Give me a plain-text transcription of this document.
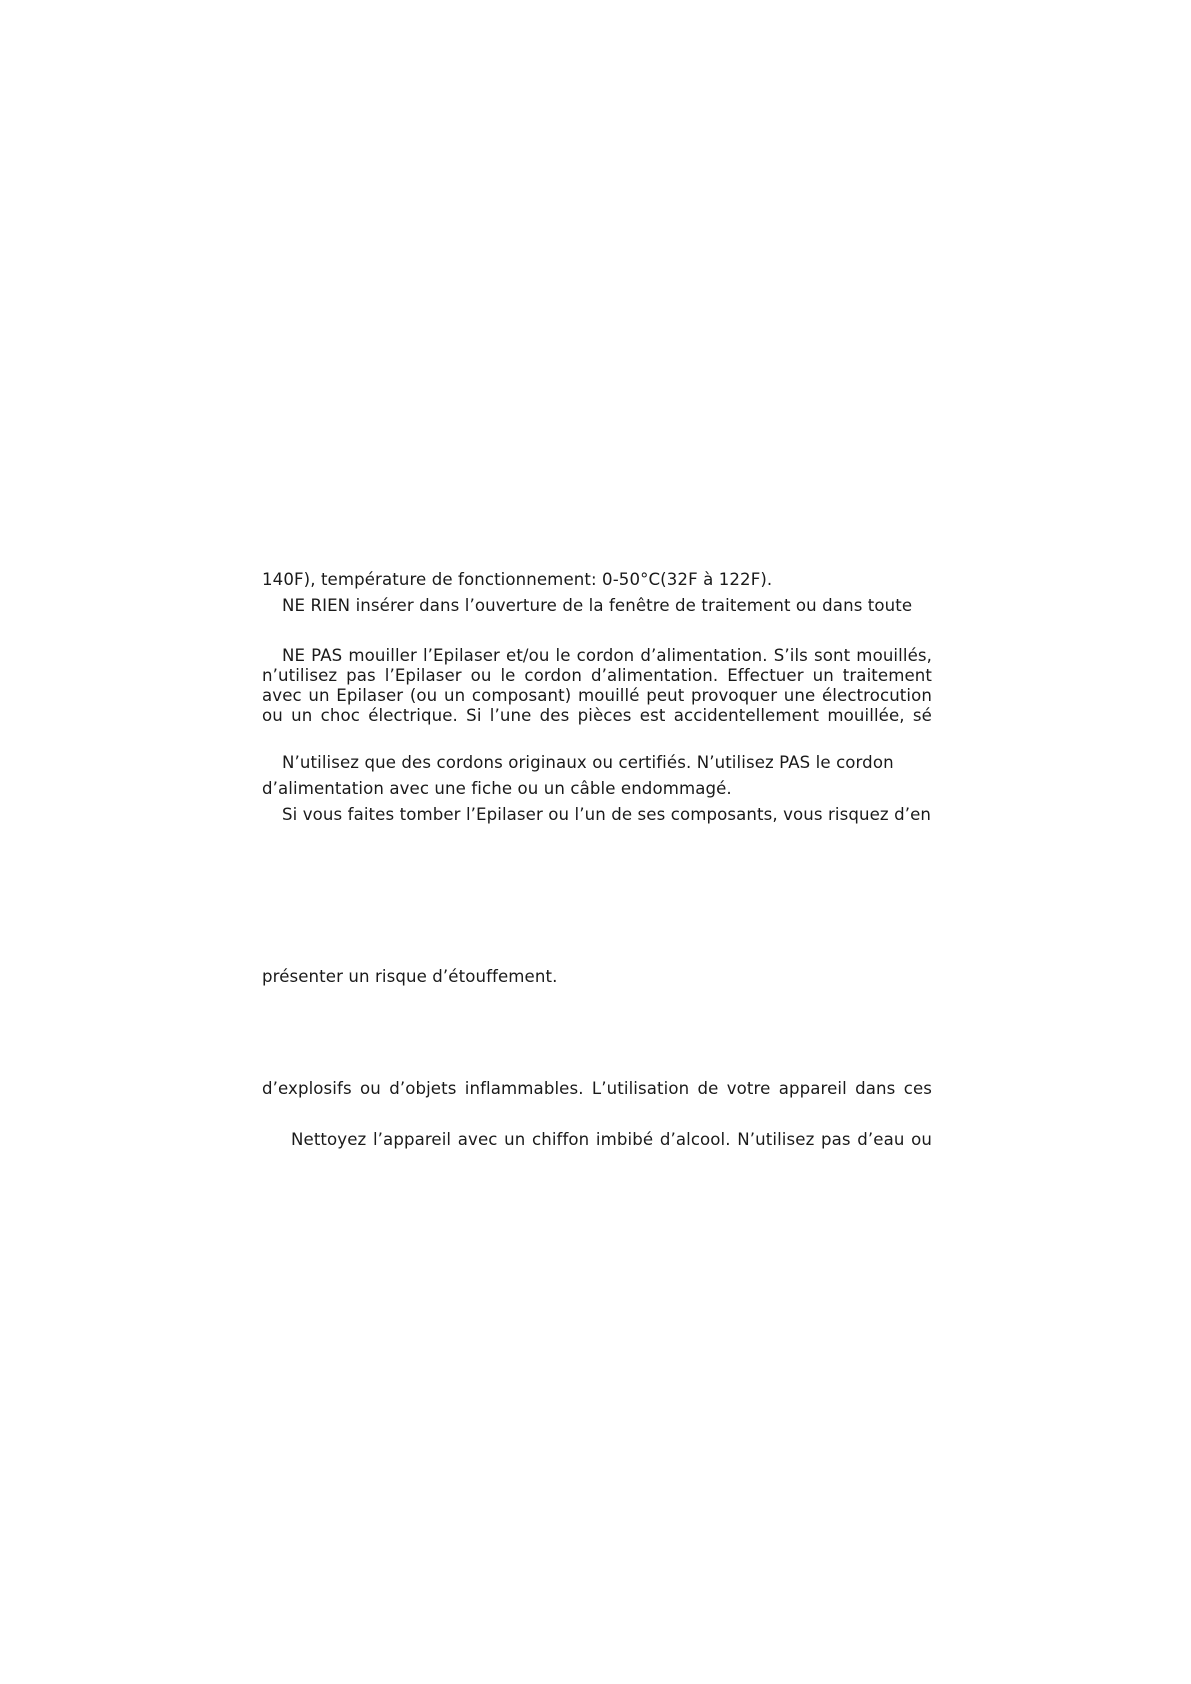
140F), température de fonctionnement: 0-50°C(32F à 122F).
NE RIEN insérer dans l’ouverture de la fenêtre de traitement ou dans toute
NE PAS mouiller l’Epilaser et/ou le cordon d’alimentation. S’ils sont mouillés,
n’utilisez pas l’Epilaser ou le cordon d’alimentation. Effectuer un traitement
avec un Epilaser (ou un composant) mouillé peut provoquer une électrocution
ou un choc électrique. Si l’une des pièces est accidentellement mouillée, sé
N’utilisez que des cordons originaux ou certifiés. N’utilisez PAS le cordon
d’alimentation avec une fiche ou un câble endommagé.
Si vous faites tomber l’Epilaser ou l’un de ses composants, vous risquez d’en
présenter un risque d’étouffement.
d’explosifs ou d’objets inflammables. L’utilisation de votre appareil dans ces
Nettoyez l’appareil avec un chiffon imbibé d’alcool. N’utilisez pas d’eau ou
